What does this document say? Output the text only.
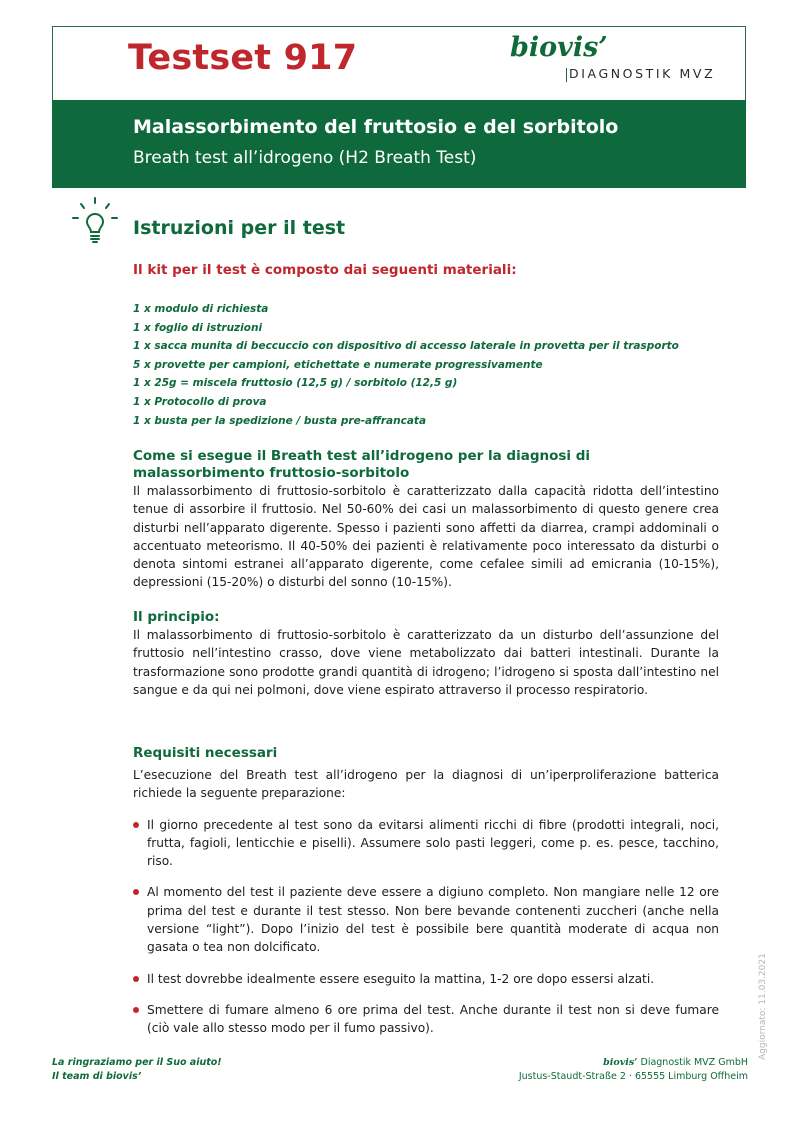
Testset 917	biovis’
DIAGNOSTIK MVZ
Malassorbimento del fruttosio e del sorbitolo
Breath test all’idrogeno (H2 Breath Test)
Istruzioni per il test
Il kit per il test è composto dai seguenti materiali:
1 x modulo di richiesta
1 x foglio di istruzioni
1 x sacca munita di beccuccio con dispositivo di accesso laterale in provetta per il trasporto
5 x provette per campioni, etichettate e numerate progressivamente
1 x 25g = miscela fruttosio (12,5 g) / sorbitolo (12,5 g)
1 x Protocollo di prova
1 x busta per la spedizione / busta pre-affrancata
Come si esegue il Breath test all’idrogeno per la diagnosi di malassorbimento fruttosio-sorbitolo

Il malassorbimento di fruttosio-sorbitolo è caratterizzato dalla capacità ridotta dell’intestino tenue di assorbire il fruttosio. Nel 50-60% dei casi un malassorbimento di questo genere crea disturbi nell’apparato digerente. Spesso i pazienti sono affetti da diarrea, crampi addominali o accentuato meteorismo. Il 40-50% dei pazienti è relativamente poco interessato da disturbi o denota sintomi estranei all’apparato digerente, come cefalee simili ad emicrania (10-15%), depressioni (15-20%) o disturbi del sonno (10-15%).

Il principio:

Il malassorbimento di fruttosio-sorbitolo è caratterizzato da un disturbo dell’assunzione del fruttosio nell’intestino crasso, dove viene metabolizzato dai batteri intestinali. Durante la trasformazione sono prodotte grandi quantità di idrogeno; l’idrogeno si sposta dall’intestino nel sangue e da qui nei polmoni, dove viene espirato attraverso il processo respiratorio.

Requisiti necessari

L’esecuzione del Breath test all’idrogeno per la diagnosi di un’iperproliferazione batterica richiede la seguente preparazione:

Il giorno precedente al test sono da evitarsi alimenti ricchi di fibre (prodotti integrali, noci, frutta, fagioli, lenticchie e piselli). Assumere solo pasti leggeri, come p. es. pesce, tacchino, riso.

Al momento del test il paziente deve essere a digiuno completo. Non mangiare nelle 12 ore prima del test e durante il test stesso. Non bere bevande contenenti zuccheri (anche nella versione “light”). Dopo l’inizio del test è possibile bere quantità moderate di acqua non gasata o tea non dolcificato.

Il test dovrebbe idealmente essere eseguito la mattina, 1-2 ore dopo essersi alzati.

Smettere di fumare almeno 6 ore prima del test. Anche durante il test non si deve fumare (ciò vale allo stesso modo per il fumo passivo).	Aggiornato: 11.03.2021
La ringraziamo per il Suo aiuto!
Il team di biovis’
biovis’ Diagnostik MVZ GmbH
Justus-Staudt-Straße 2 · 65555 Limburg Offheim
